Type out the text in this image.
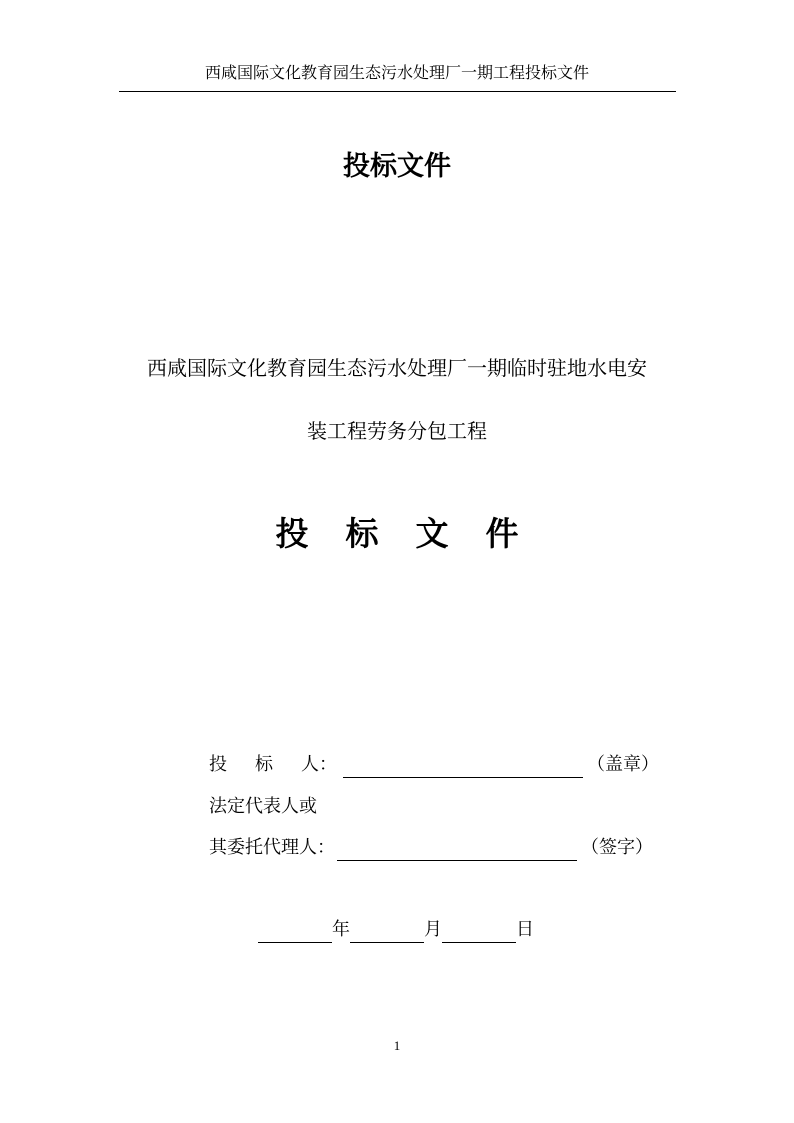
西咸国际文化教育园生态污水处理厂一期工程投标文件
投标文件
西咸国际文化教育园生态污水处理厂一期临时驻地水电安
装工程劳务分包工程
投标文件
投 标 人：	（盖章）
法定代表人或
其委托代理人：	（签字）
年	月	日
1
